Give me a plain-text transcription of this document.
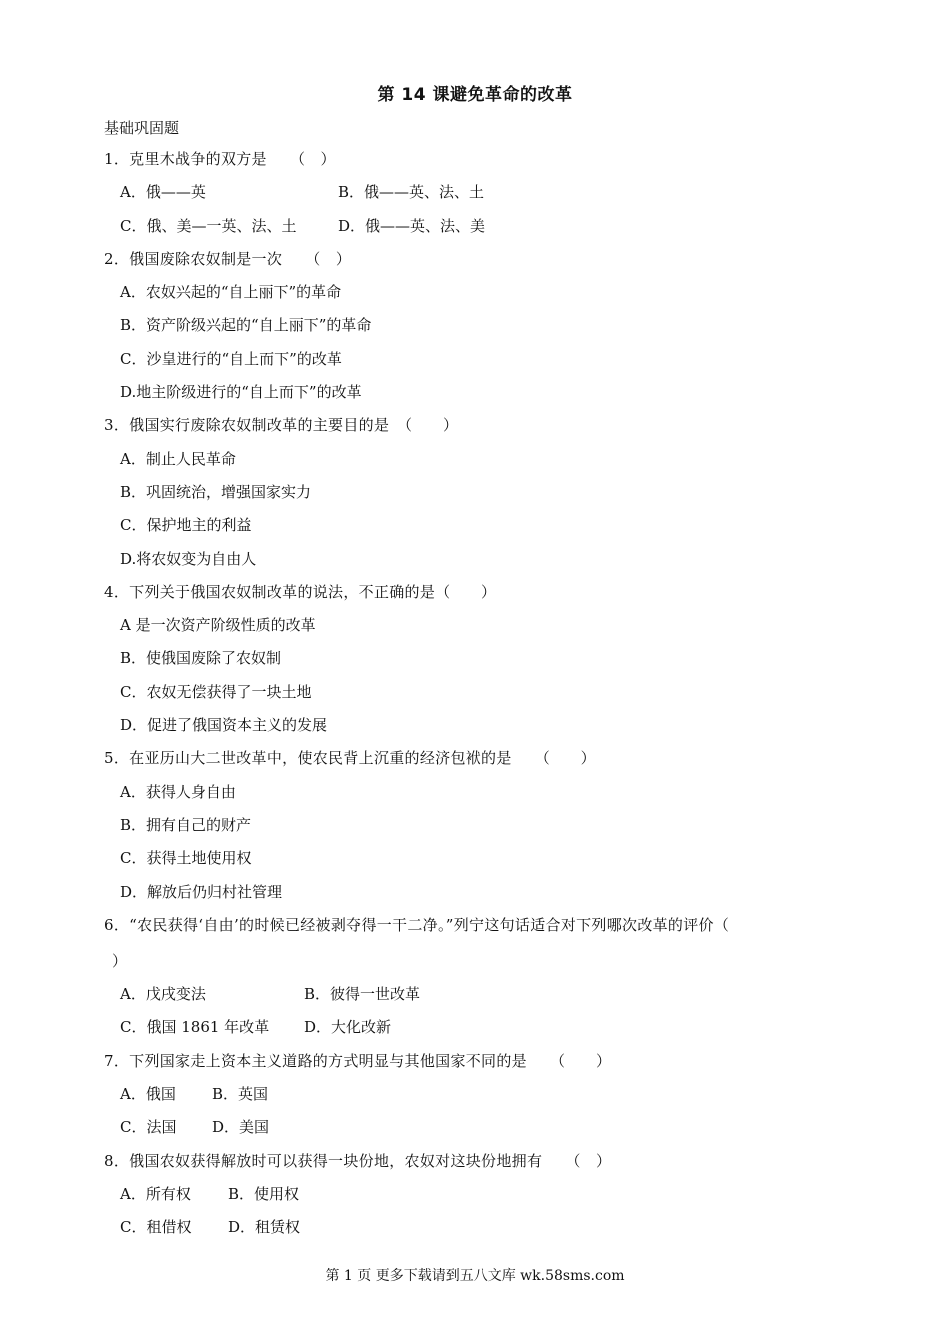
第 14 课避免革命的改革
基础巩固题
1．克里木战争的双方是　　（　）
A．俄——英	B．俄——英、法、土
C．俄、美—一英、法、土	D．俄——英、法、美
2．俄国废除农奴制是一次　　（　）
A．农奴兴起的“自上丽下”的革命
B．资产阶级兴起的“自上丽下”的革命
C．沙皇进行的“自上而下”的改革
D.地主阶级进行的“自上而下”的改革
3．俄国实行废除农奴制改革的主要目的是　（　　）
A．制止人民革命
B．巩固统治，增强国家实力
C．保护地主的利益
D.将农奴变为自由人
4．下列关于俄国农奴制改革的说法，不正确的是（　　）
A 是一次资产阶级性质的改革
B．使俄国废除了农奴制
C．农奴无偿获得了一块土地
D．促进了俄国资本主义的发展
5．在亚历山大二世改革中，使农民背上沉重的经济包袱的是　　（　　）
A．获得人身自由
B．拥有自己的财产
C．获得土地使用权
D．解放后仍归村社管理
6．“农民获得‘自由’的时候已经被剥夺得一干二净。”列宁这句话适合对下列哪次改革的评价（
）
A．戊戌变法	B．彼得一世改革
C．俄国 1861 年改革	D．大化改新
7．下列国家走上资本主义道路的方式明显与其他国家不同的是　　（　　）
A．俄国	B．英国
C．法国	D．美国
8．俄国农奴获得解放时可以获得一块份地，农奴对这块份地拥有　　（　）
A．所有权	B．使用权
C．租借权	D．租赁权
第 1 页 更多下载请到五八文库 wk.58sms.com
